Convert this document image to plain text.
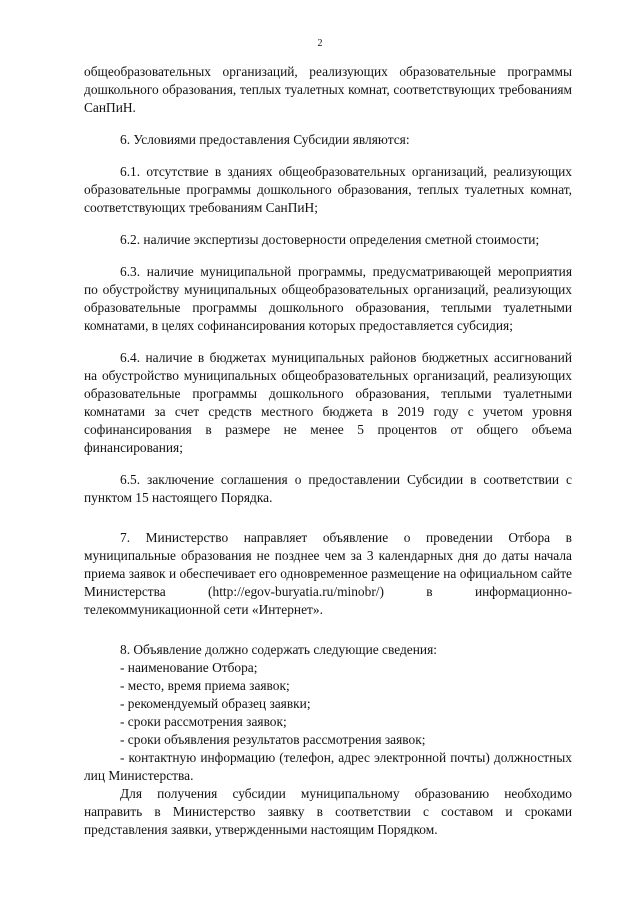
2

общеобразовательных организаций, реализующих образовательные программы дошкольного образования, теплых туалетных комнат, соответствующих требованиям СанПиН.

6. Условиями предоставления Субсидии являются:

6.1. отсутствие в зданиях общеобразовательных организаций, реализующих образовательные программы дошкольного образования, теплых туалетных комнат, соответствующих требованиям СанПиН;

6.2. наличие экспертизы достоверности определения сметной стоимости;

6.3. наличие муниципальной программы, предусматривающей мероприятия по обустройству муниципальных общеобразовательных организаций, реализующих образовательные программы дошкольного образования, теплыми туалетными комнатами, в целях софинансирования которых предоставляется субсидия;

6.4. наличие в бюджетах муниципальных районов бюджетных ассигнований на обустройство муниципальных общеобразовательных организаций, реализующих образовательные программы дошкольного образования, теплыми туалетными комнатами за счет средств местного бюджета в 2019 году с учетом уровня софинансирования в размере не менее 5 процентов от общего объема финансирования;

6.5. заключение соглашения о предоставлении Субсидии в соответствии с пунктом 15 настоящего Порядка.

7. Министерство направляет объявление о проведении Отбора в муниципальные образования не позднее чем за 3 календарных дня до даты начала приема заявок и обеспечивает его одновременное размещение на официальном сайте Министерства (http://egov-buryatia.ru/minobr/) в информационно-телекоммуникационной сети «Интернет».

8. Объявление должно содержать следующие сведения:

- наименование Отбора;

- место, время приема заявок;

- рекомендуемый образец заявки;

- сроки рассмотрения заявок;

- сроки объявления результатов рассмотрения заявок;

- контактную информацию (телефон, адрес электронной почты) должностных лиц Министерства.

Для получения субсидии муниципальному образованию необходимо направить в Министерство заявку в соответствии с составом и сроками представления заявки, утвержденными настоящим Порядком.
